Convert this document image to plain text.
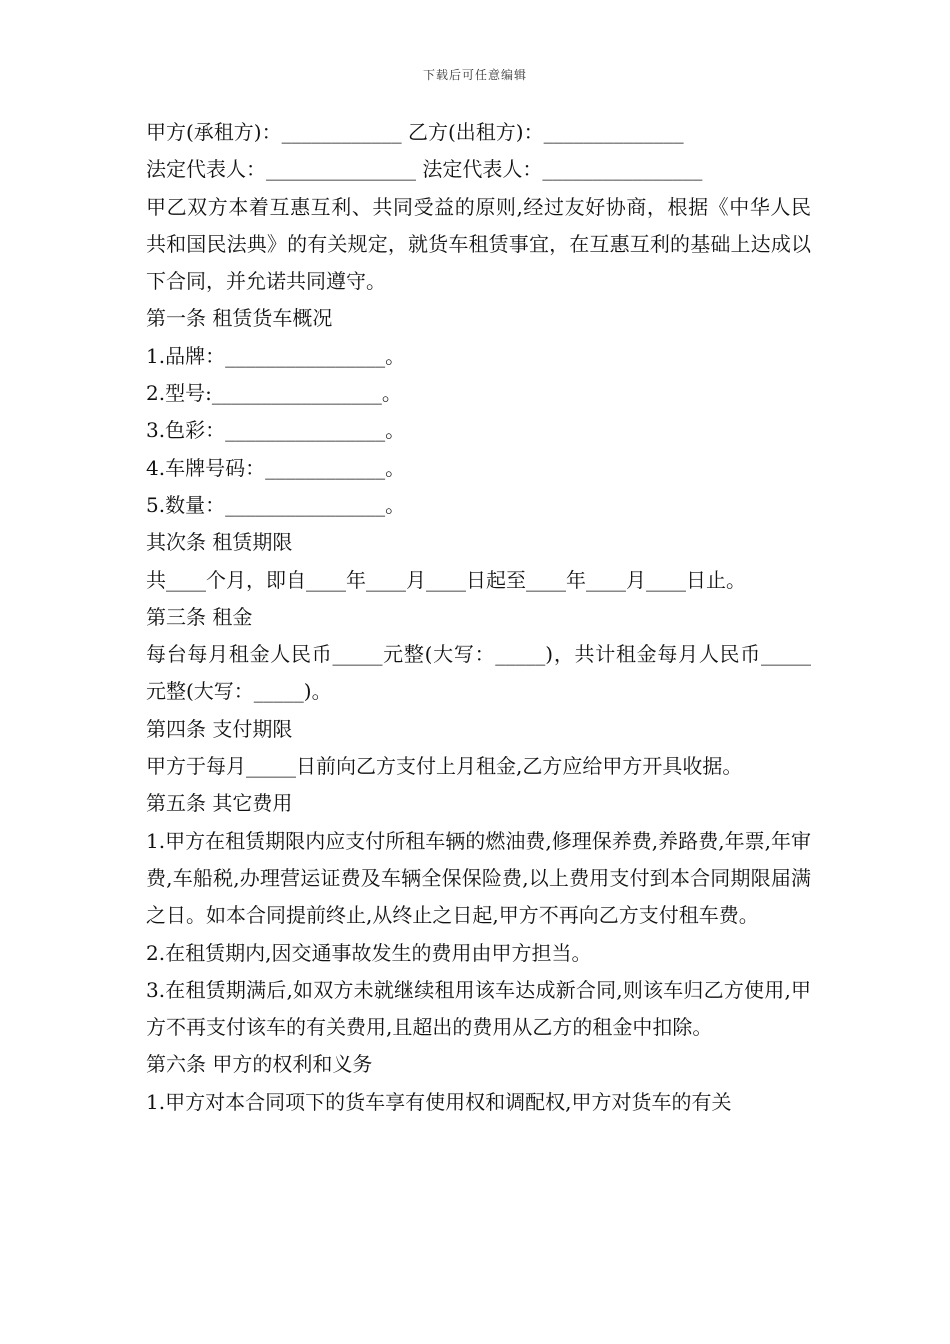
下载后可任意编辑
甲方(承租方)：____________ 乙方(出租方)：______________
法定代表人：_______________ 法定代表人：________________
甲乙双方本着互惠互利、共同受益的原则,经过友好协商，根据《中华人民共和国民法典》的有关规定，就货车租赁事宜，在互惠互利的基础上达成以下合同，并允诺共同遵守。
第一条 租赁货车概况
1.品牌：________________。
2.型号:_________________。
3.色彩：________________。
4.车牌号码：____________。
5.数量：________________。
其次条 租赁期限
共____个月，即自____年____月____日起至____年____月____日止。
第三条 租金
每台每月租金人民币_____元整(大写：_____)，共计租金每月人民币_____元整(大写：_____)。
第四条 支付期限
甲方于每月_____日前向乙方支付上月租金,乙方应给甲方开具收据。
第五条 其它费用
1.甲方在租赁期限内应支付所租车辆的燃油费,修理保养费,养路费,年票,年审费,车船税,办理营运证费及车辆全保保险费,以上费用支付到本合同期限届满之日。如本合同提前终止,从终止之日起,甲方不再向乙方支付租车费。
2.在租赁期内,因交通事故发生的费用由甲方担当。
3.在租赁期满后,如双方未就继续租用该车达成新合同,则该车归乙方使用,甲方不再支付该车的有关费用,且超出的费用从乙方的租金中扣除。
第六条 甲方的权利和义务
1.甲方对本合同项下的货车享有使用权和调配权,甲方对货车的有关
